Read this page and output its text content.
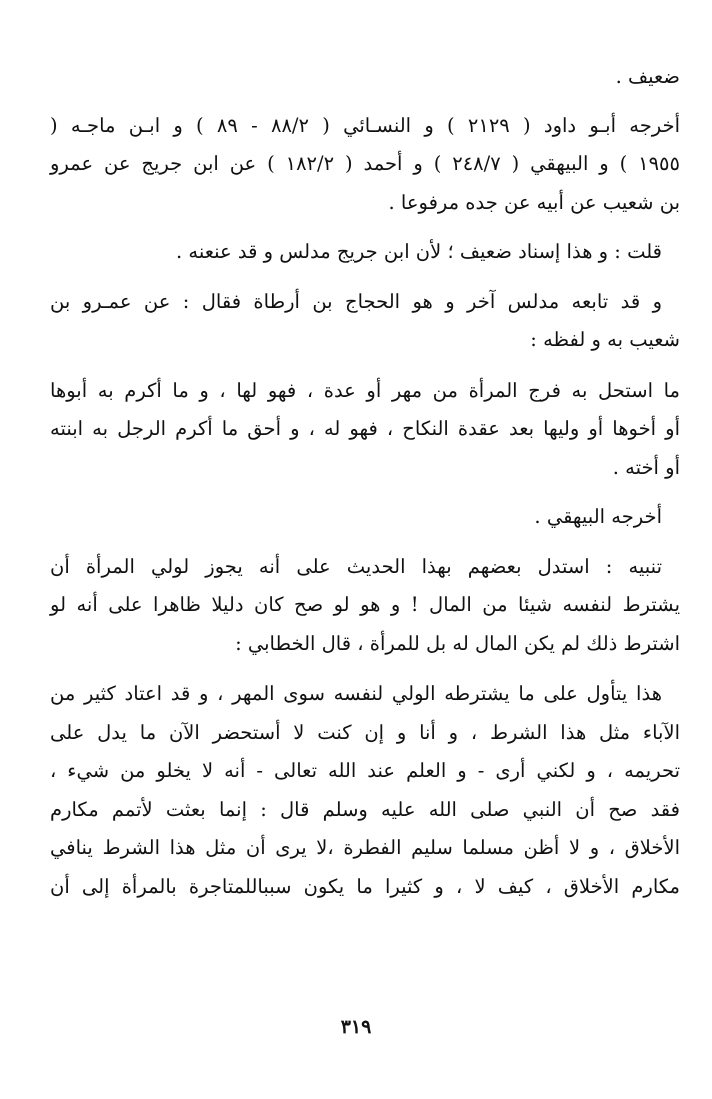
ضعيف .

أخرجه أبـو داود ( ٢١٢٩ ) و النسـائي ( ٨٨/٢ - ٨٩ ) و ابـن ماجـه (
١٩٥٥ ) و البيهقي ( ٢٤٨/٧ ) و أحمد ( ١٨٢/٢ ) عن ابن جريج عن عمرو
بن شعيب عن أبيه عن جده مرفوعا .

قلت : و هذا إسناد ضعيف ؛ لأن ابن جريج مدلس و قد عنعنه .

و قد تابعه مدلس آخر و هو الحجاج بن أرطاة فقال : عن عمـرو بن
شعيب به و لفظه :

ما استحل به فرج المرأة من مهر أو عدة ، فهو لها ، و ما أكرم به أبوها
أو أخوها أو وليها بعد عقدة النكاح ، فهو له ، و أحق ما أكرم الرجل به ابنته
أو أخته .

أخرجه البيهقي .

تنبيه : استدل بعضهم بهذا الحديث على أنه يجوز لولي المرأة أن
يشترط لنفسه شيئا من المال ! و هو لو صح كان دليلا ظاهرا على أنه لو
اشترط ذلك لم يكن المال له بل للمرأة ، قال الخطابي :

هذا يتأول على ما يشترطه الولي لنفسه سوى المهر ، و قد اعتاد كثير من
الآباء مثل هذا الشرط ، و أنا و إن كنت لا أستحضر الآن ما يدل على
تحريمه ، و لكني أرى - و العلم عند الله تعالى - أنه لا يخلو من شيء ،
فقد صح أن النبي صلى الله عليه وسلم قال : إنما بعثت لأتمم مكارم
الأخلاق ، و لا أظن مسلما سليم الفطرة ،لا يرى أن مثل هذا الشرط ينافي
مكارم الأخلاق ، كيف لا ، و كثيرا ما يكون سبباللمتاجرة بالمرأة إلى أن

٣١٩
